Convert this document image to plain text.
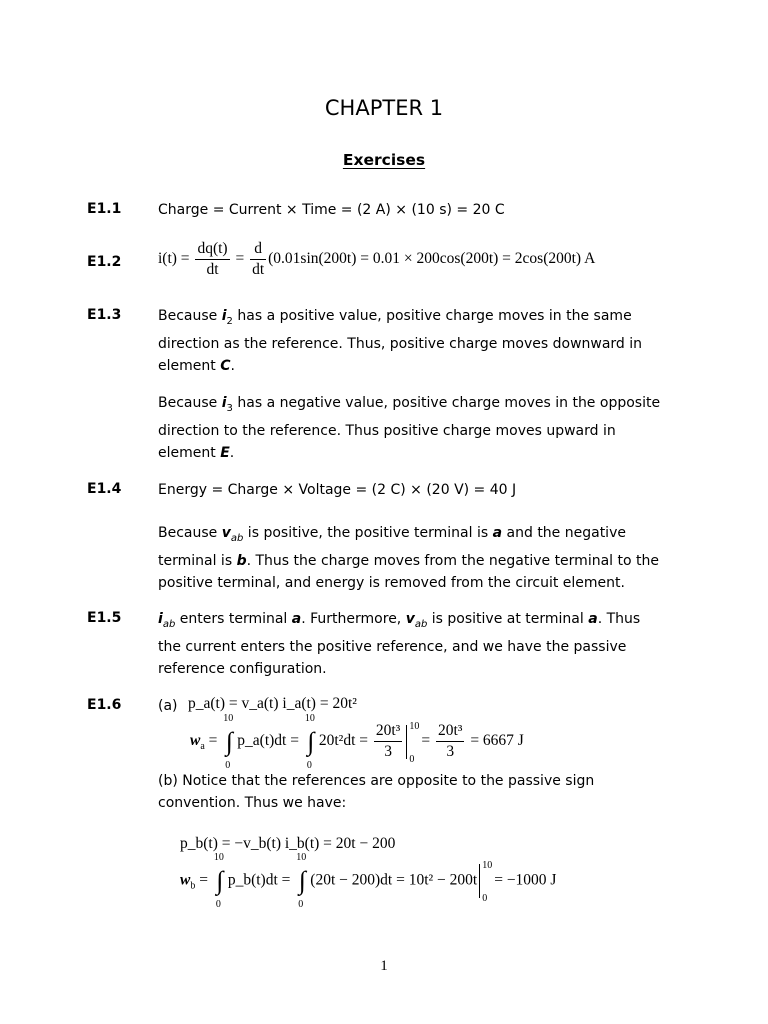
CHAPTER 1
Exercises
E1.1	Charge = Current × Time = (2 A) × (10 s) = 20 C
E1.2 $i(t) = \frac{dq(t)}{dt} = \frac{d}{dt} (0.01\sin(200t) = 0.01 \times 200\cos(200t) = 2\cos(200t)$ A
E1.3	Because $i_2$ has a positive value, positive charge moves in the same
direction as the reference. Thus, positive charge moves downward in
element C.
Because $i_3$ has a negative value, positive charge moves in the opposite
direction to the reference. Thus positive charge moves upward in
element E.
E1.4	Energy = Charge × Voltage = (2 C) × (20 V) = 40 J
Because $v_{ab}$ is positive, the positive terminal is a and the negative
terminal is b. Thus the charge moves from the negative terminal to the
positive terminal, and energy is removed from the circuit element.
E1.5	$i_{ab}$ enters terminal a. Furthermore, $v_{ab}$ is positive at terminal a. Thus
the current enters the positive reference, and we have the passive
reference configuration.
E1.6	(a) p_a(t) = v_a(t) i_a(t) = 20t²
$w_a$ =
10
∫
0
p_a(t)dt =
10
∫
0
$20t^2dt = \frac{\text{20t³}}{3} 10$
0
= $\frac{\text{20t³}}{3} = 6667$ J
(b) Notice that the references are opposite to the passive sign
convention. Thus we have:
p_b(t) = −v_b(t) i_b(t) = 20t − 200
$w_b$ =
10
∫
0
p_b(t)dt =
10
∫
0
(20t − 200)dt = 10t² − 200t
10
0
= −1000 J
1
